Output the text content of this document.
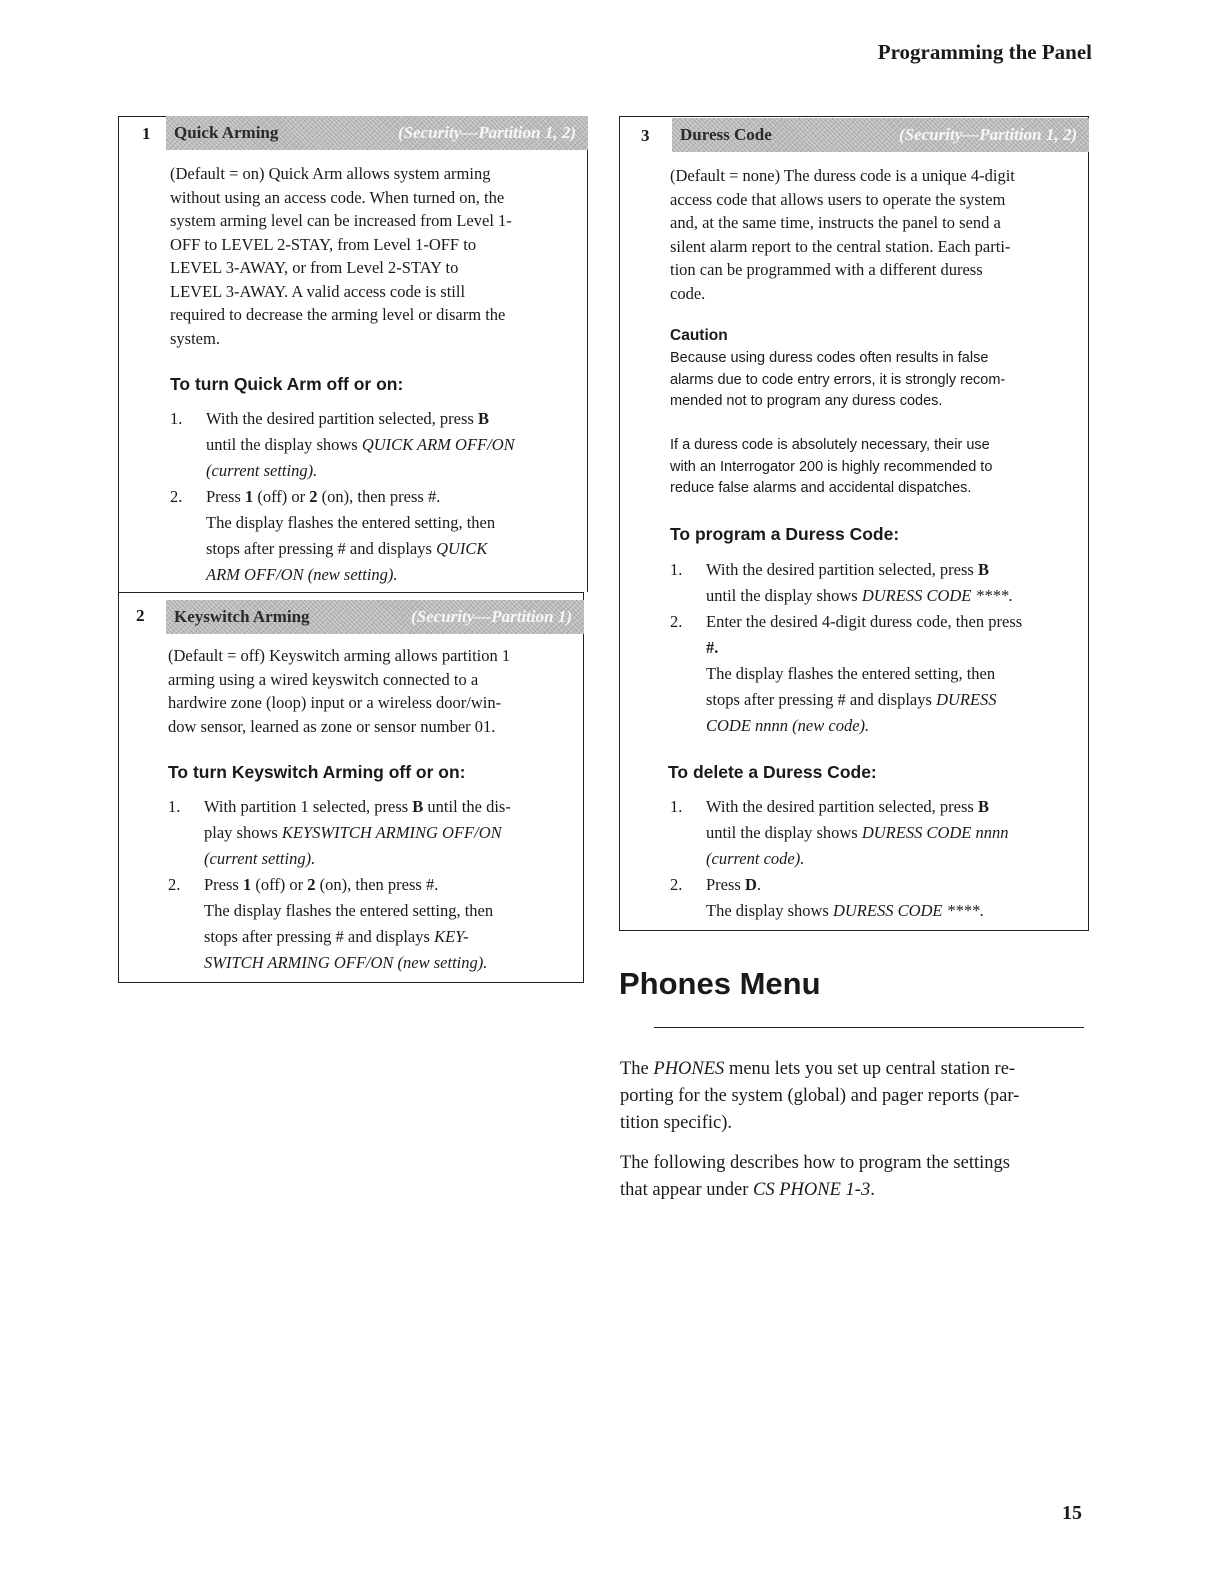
Programming the Panel
1 Quick Arming	(Security—Partition 1, 2)

(Default = on) Quick Arm allows system arming

without using an access code. When turned on, the

system arming level can be increased from Level 1-

OFF to LEVEL 2-STAY, from Level 1-OFF to

LEVEL 3-AWAY, or from Level 2-STAY to

LEVEL 3-AWAY. A valid access code is still

required to decrease the arming level or disarm the

system.

To turn Quick Arm off or on:
1.	With the desired partition selected, press B
until the display shows QUICK ARM OFF/ON
(current setting).
2.	Press 1 (off) or 2 (on), then press #.
The display flashes the entered setting, then
stops after pressing # and displays QUICK
ARM OFF/ON (new setting).
2 Keyswitch Arming	(Security—Partition 1)

(Default = off) Keyswitch arming allows partition 1

arming using a wired keyswitch connected to a

hardwire zone (loop) input or a wireless door/win-

dow sensor, learned as zone or sensor number 01.

To turn Keyswitch Arming off or on:
1.	With partition 1 selected, press B until the dis-
play shows KEYSWITCH ARMING OFF/ON
(current setting).
2.	Press 1 (off) or 2 (on), then press #.
The display flashes the entered setting, then
stops after pressing # and displays KEY-
SWITCH ARMING OFF/ON (new setting).
3 Duress Code	(Security—Partition 1, 2)

(Default = none) The duress code is a unique 4-digit

access code that allows users to operate the system

and, at the same time, instructs the panel to send a

silent alarm report to the central station. Each parti-

tion can be programmed with a different duress

code.

Caution

Because using duress codes often results in false

alarms due to code entry errors, it is strongly recom-

mended not to program any duress codes.

If a duress code is absolutely necessary, their use

with an Interrogator 200 is highly recommended to

reduce false alarms and accidental dispatches.

To program a Duress Code:
1.	With the desired partition selected, press B
until the display shows DURESS CODE ****.
2.	Enter the desired 4-digit duress code, then press
#.
The display flashes the entered setting, then
stops after pressing # and displays DURESS
CODE nnnn (new code).
To delete a Duress Code:
1.	With the desired partition selected, press B
until the display shows DURESS CODE nnnn
(current code).
2.	Press D.
The display shows DURESS CODE ****.
Phones Menu

The PHONES menu lets you set up central station re-

porting for the system (global) and pager reports (par-

tition specific).

The following describes how to program the settings

that appear under CS PHONE 1-3.

15
